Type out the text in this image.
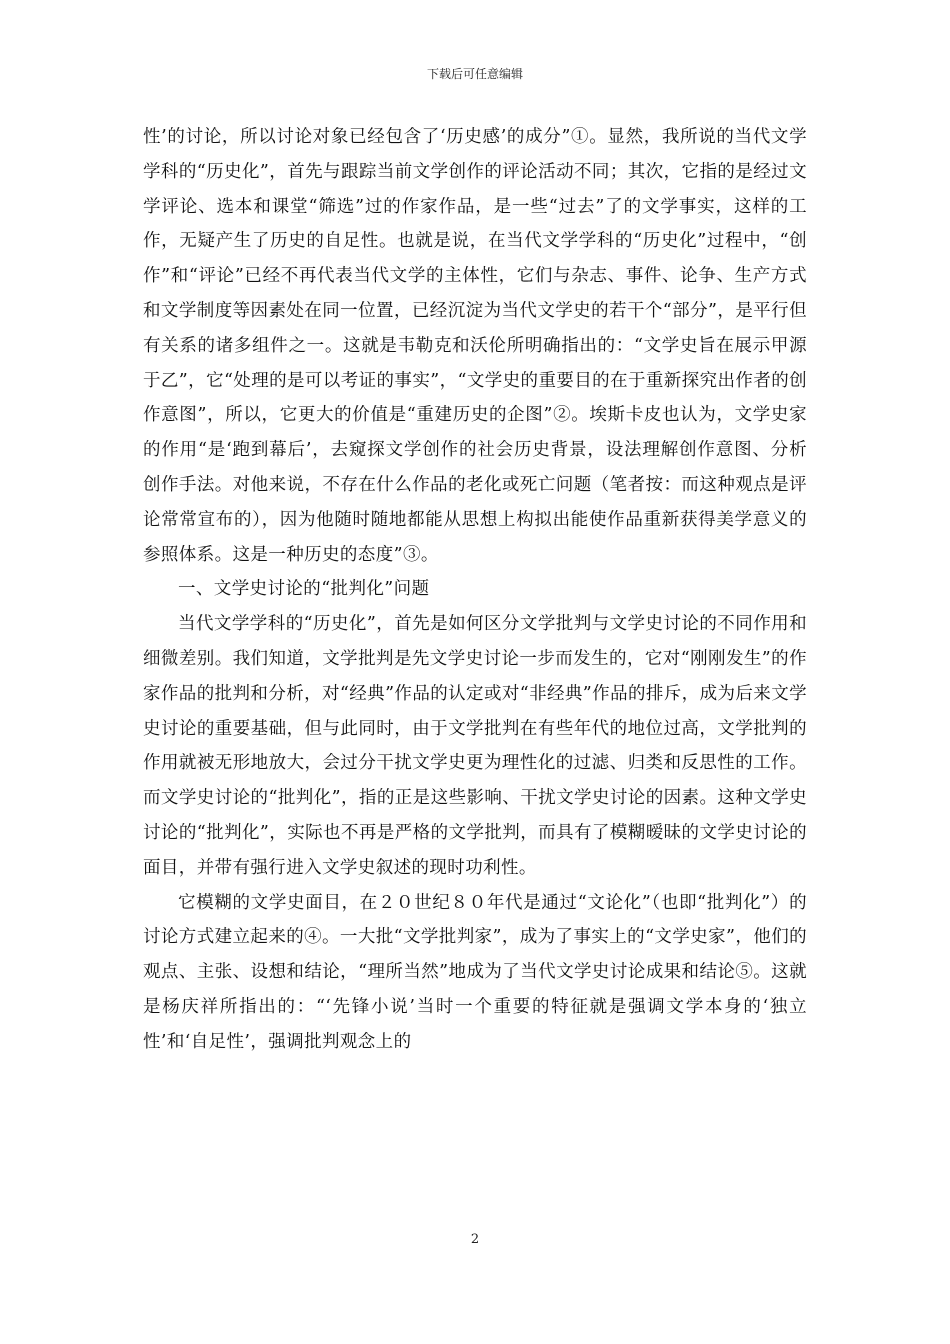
下载后可任意编辑

性’的讨论，所以讨论对象已经包含了‘历史感’的成分”①。显然，我所说的当代文学学科的“历史化”，首先与跟踪当前文学创作的评论活动不同；其次，它指的是经过文学评论、选本和课堂“筛选”过的作家作品，是一些“过去”了的文学事实，这样的工作，无疑产生了历史的自足性。也就是说，在当代文学学科的“历史化”过程中，“创作”和“评论”已经不再代表当代文学的主体性，它们与杂志、事件、论争、生产方式和文学制度等因素处在同一位置，已经沉淀为当代文学史的若干个“部分”，是平行但有关系的诸多组件之一。这就是韦勒克和沃伦所明确指出的：“文学史旨在展示甲源于乙”，它“处理的是可以考证的事实”，“文学史的重要目的在于重新探究出作者的创作意图”，所以，它更大的价值是“重建历史的企图”②。埃斯卡皮也认为，文学史家的作用“是‘跑到幕后’，去窥探文学创作的社会历史背景，设法理解创作意图、分析创作手法。对他来说，不存在什么作品的老化或死亡问题（笔者按：而这种观点是评论常常宣布的），因为他随时随地都能从思想上构拟出能使作品重新获得美学意义的参照体系。这是一种历史的态度”③。

一、文学史讨论的“批判化”问题

当代文学学科的“历史化”，首先是如何区分文学批判与文学史讨论的不同作用和细微差别。我们知道，文学批判是先文学史讨论一步而发生的，它对“刚刚发生”的作家作品的批判和分析，对“经典”作品的认定或对“非经典”作品的排斥，成为后来文学史讨论的重要基础，但与此同时，由于文学批判在有些年代的地位过高，文学批判的作用就被无形地放大，会过分干扰文学史更为理性化的过滤、归类和反思性的工作。而文学史讨论的“批判化”，指的正是这些影响、干扰文学史讨论的因素。这种文学史讨论的“批判化”，实际也不再是严格的文学批判，而具有了模糊暧昧的文学史讨论的面目，并带有强行进入文学史叙述的现时功利性。

它模糊的文学史面目，在２０世纪８０年代是通过“文论化”（也即“批判化”）的讨论方式建立起来的④。一大批“文学批判家”，成为了事实上的“文学史家”，他们的观点、主张、设想和结论，“理所当然”地成为了当代文学史讨论成果和结论⑤。这就是杨庆祥所指出的：“‘先锋小说’当时一个重要的特征就是强调文学本身的‘独立性’和‘自足性’，强调批判观念上的

2
